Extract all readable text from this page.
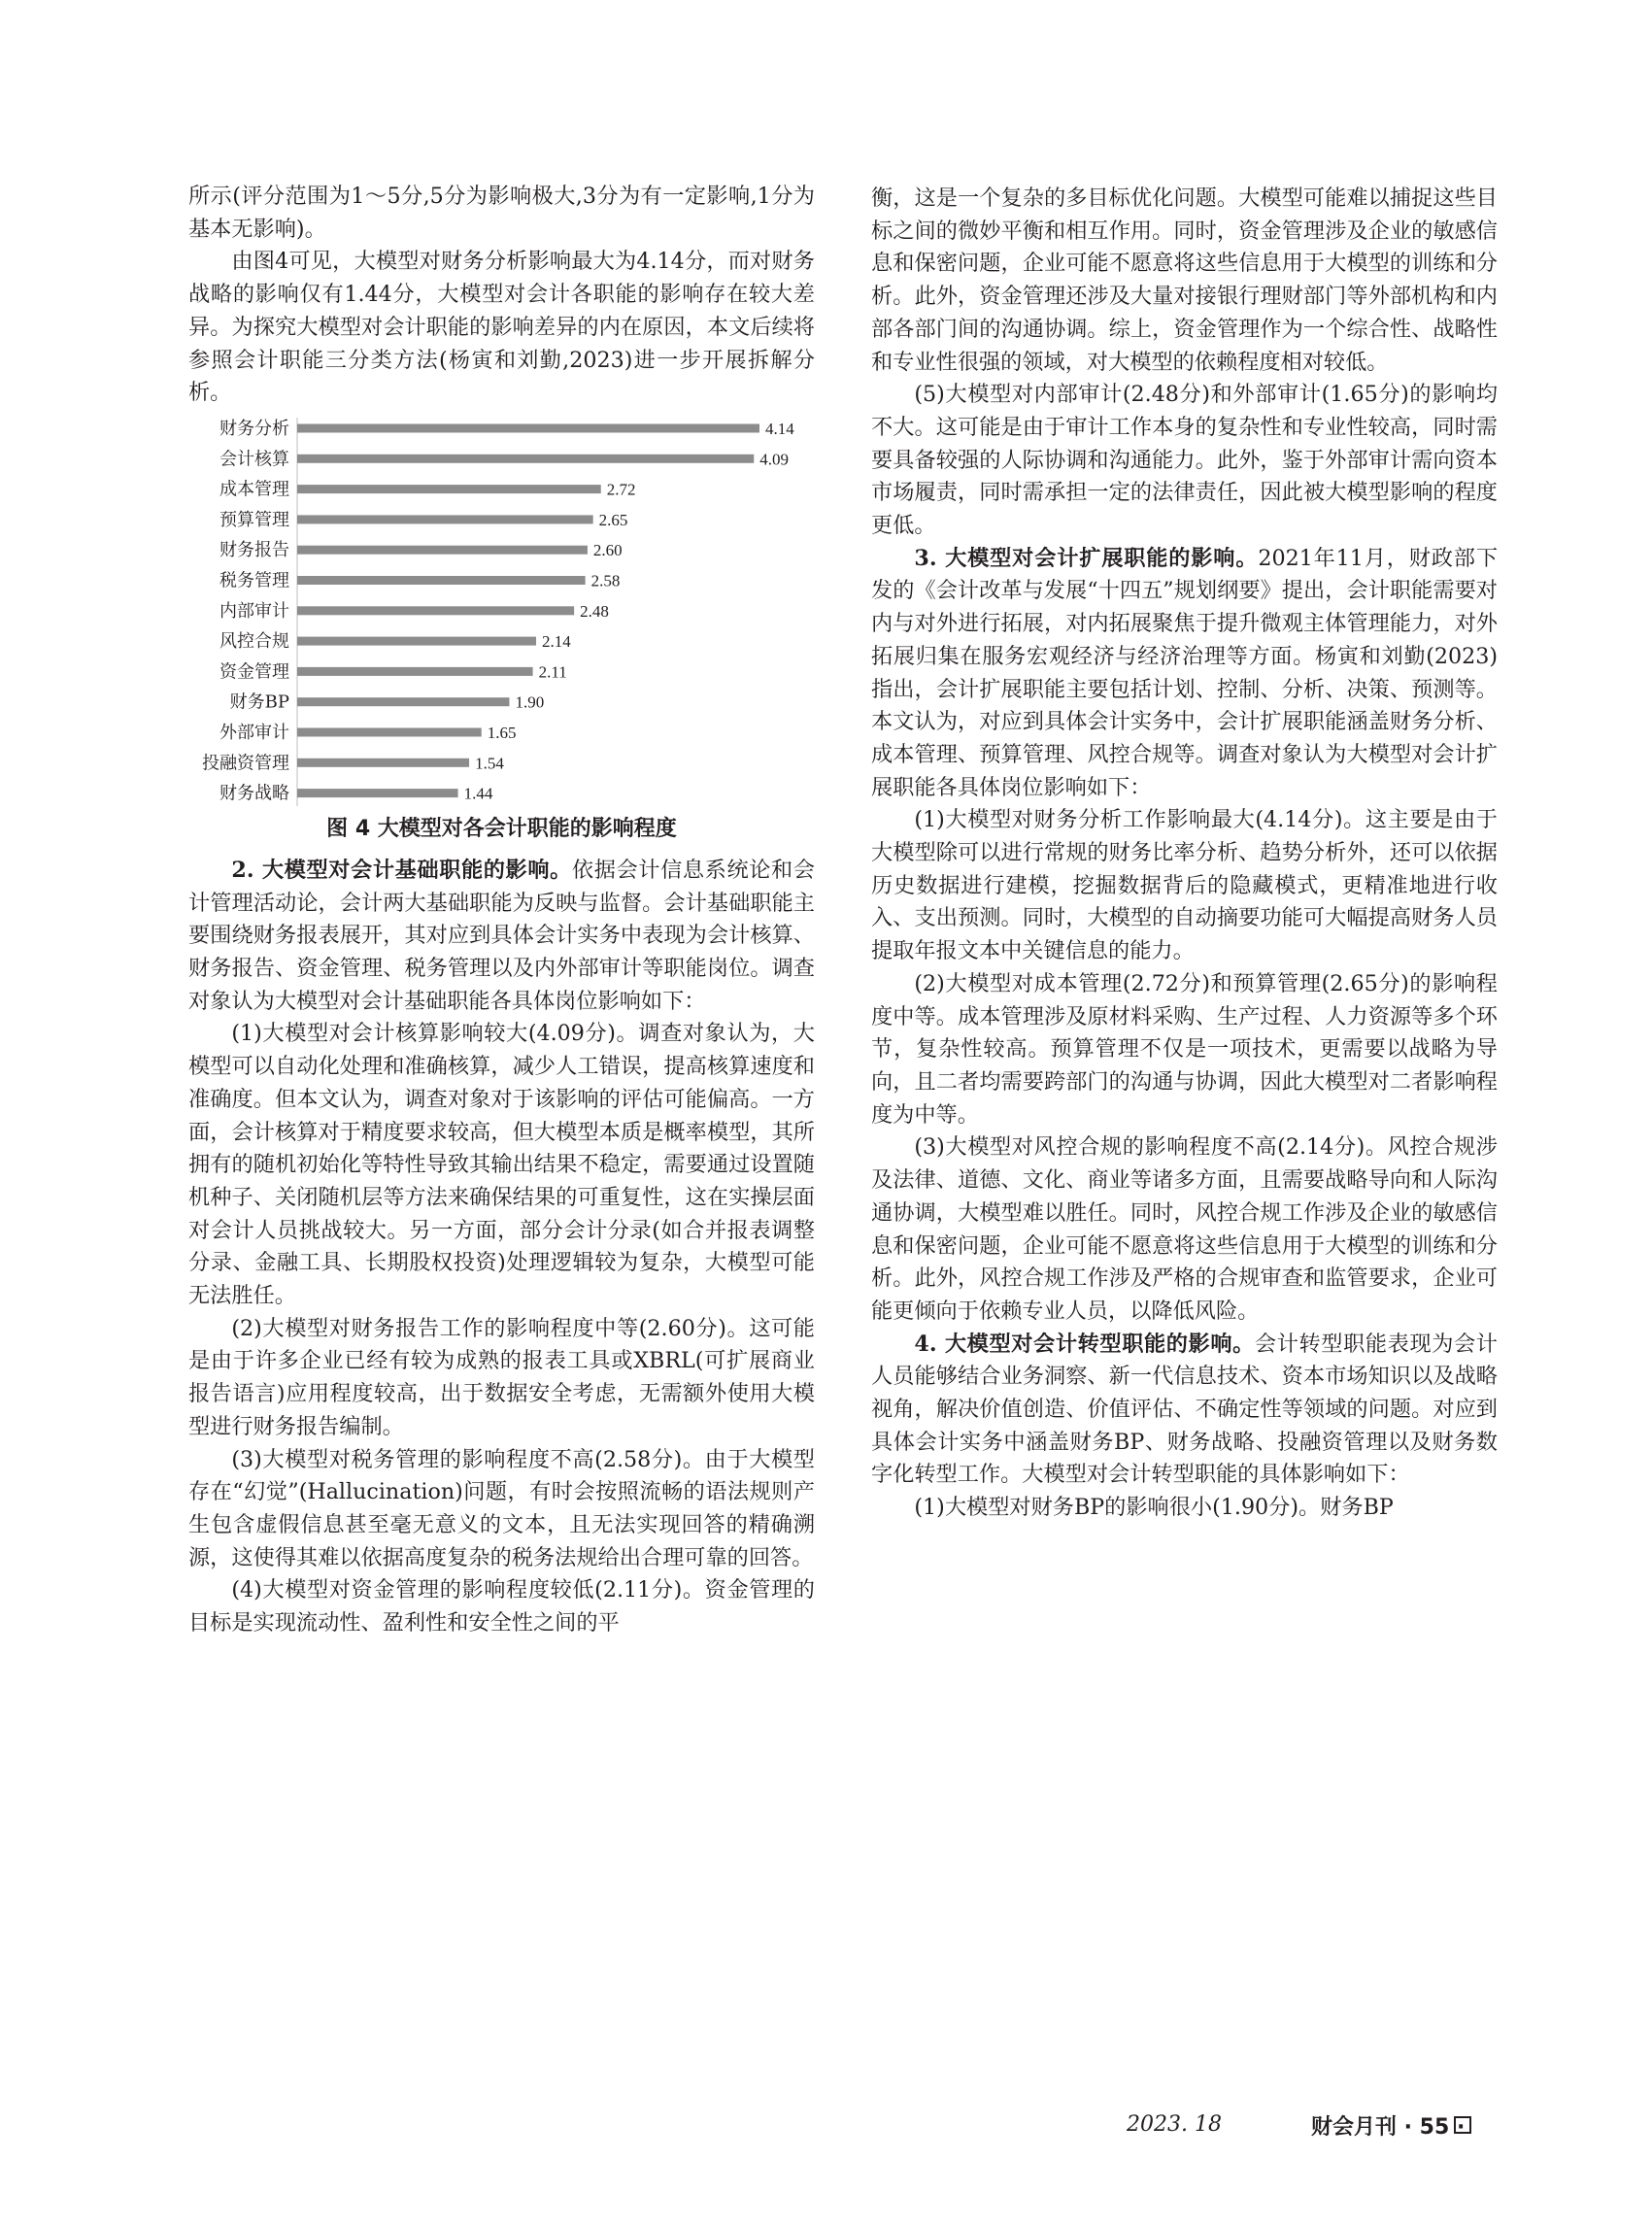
所示(评分范围为1～5分,5分为影响极大,3分为有一定影响,1分为基本无影响)。

由图4可见，大模型对财务分析影响最大为4.14分，而对财务战略的影响仅有1.44分，大模型对会计各职能的影响存在较大差异。为探究大模型对会计职能的影响差异的内在原因，本文后续将参照会计职能三分类方法(杨寅和刘勤,2023)进一步开展拆解分析。

财务分析	4.14
会计核算	4.09
成本管理	2.72
预算管理	2.65
财务报告	2.60
税务管理	2.58
内部审计	2.48
风控合规	2.14
资金管理	2.11
财务BP	1.90
外部审计	1.65
投融资管理	1.54
财务战略	1.44
图 4 大模型对各会计职能的影响程度

2. 大模型对会计基础职能的影响。依据会计信息系统论和会计管理活动论，会计两大基础职能为反映与监督。会计基础职能主要围绕财务报表展开，其对应到具体会计实务中表现为会计核算、财务报告、资金管理、税务管理以及内外部审计等职能岗位。调查对象认为大模型对会计基础职能各具体岗位影响如下：

(1)大模型对会计核算影响较大(4.09分)。调查对象认为，大模型可以自动化处理和准确核算，减少人工错误，提高核算速度和准确度。但本文认为，调查对象对于该影响的评估可能偏高。一方面，会计核算对于精度要求较高，但大模型本质是概率模型，其所拥有的随机初始化等特性导致其输出结果不稳定，需要通过设置随机种子、关闭随机层等方法来确保结果的可重复性，这在实操层面对会计人员挑战较大。另一方面，部分会计分录(如合并报表调整分录、金融工具、长期股权投资)处理逻辑较为复杂，大模型可能无法胜任。

(2)大模型对财务报告工作的影响程度中等(2.60分)。这可能是由于许多企业已经有较为成熟的报表工具或XBRL(可扩展商业报告语言)应用程度较高，出于数据安全考虑，无需额外使用大模型进行财务报告编制。

(3)大模型对税务管理的影响程度不高(2.58分)。由于大模型存在“幻觉”(Hallucination)问题，有时会按照流畅的语法规则产生包含虚假信息甚至毫无意义的文本，且无法实现回答的精确溯源，这使得其难以依据高度复杂的税务法规给出合理可靠的回答。

(4)大模型对资金管理的影响程度较低(2.11分)。资金管理的目标是实现流动性、盈利性和安全性之间的平

衡，这是一个复杂的多目标优化问题。大模型可能难以捕捉这些目标之间的微妙平衡和相互作用。同时，资金管理涉及企业的敏感信息和保密问题，企业可能不愿意将这些信息用于大模型的训练和分析。此外，资金管理还涉及大量对接银行理财部门等外部机构和内部各部门间的沟通协调。综上，资金管理作为一个综合性、战略性和专业性很强的领域，对大模型的依赖程度相对较低。

(5)大模型对内部审计(2.48分)和外部审计(1.65分)的影响均不大。这可能是由于审计工作本身的复杂性和专业性较高，同时需要具备较强的人际协调和沟通能力。此外，鉴于外部审计需向资本市场履责，同时需承担一定的法律责任，因此被大模型影响的程度更低。

3. 大模型对会计扩展职能的影响。2021年11月，财政部下发的《会计改革与发展“十四五”规划纲要》提出，会计职能需要对内与对外进行拓展，对内拓展聚焦于提升微观主体管理能力，对外拓展归集在服务宏观经济与经济治理等方面。杨寅和刘勤(2023)指出，会计扩展职能主要包括计划、控制、分析、决策、预测等。本文认为，对应到具体会计实务中，会计扩展职能涵盖财务分析、成本管理、预算管理、风控合规等。调查对象认为大模型对会计扩展职能各具体岗位影响如下：

(1)大模型对财务分析工作影响最大(4.14分)。这主要是由于大模型除可以进行常规的财务比率分析、趋势分析外，还可以依据历史数据进行建模，挖掘数据背后的隐藏模式，更精准地进行收入、支出预测。同时，大模型的自动摘要功能可大幅提高财务人员提取年报文本中关键信息的能力。

(2)大模型对成本管理(2.72分)和预算管理(2.65分)的影响程度中等。成本管理涉及原材料采购、生产过程、人力资源等多个环节，复杂性较高。预算管理不仅是一项技术，更需要以战略为导向，且二者均需要跨部门的沟通与协调，因此大模型对二者影响程度为中等。

(3)大模型对风控合规的影响程度不高(2.14分)。风控合规涉及法律、道德、文化、商业等诸多方面，且需要战略导向和人际沟通协调，大模型难以胜任。同时，风控合规工作涉及企业的敏感信息和保密问题，企业可能不愿意将这些信息用于大模型的训练和分析。此外，风控合规工作涉及严格的合规审查和监管要求，企业可能更倾向于依赖专业人员，以降低风险。

4. 大模型对会计转型职能的影响。会计转型职能表现为会计人员能够结合业务洞察、新一代信息技术、资本市场知识以及战略视角，解决价值创造、价值评估、不确定性等领域的问题。对应到具体会计实务中涵盖财务BP、财务战略、投融资管理以及财务数字化转型工作。大模型对会计转型职能的具体影响如下：

(1)大模型对财务BP的影响很小(1.90分)。财务BP

2023. 18	财会月刊 · 55 ·
